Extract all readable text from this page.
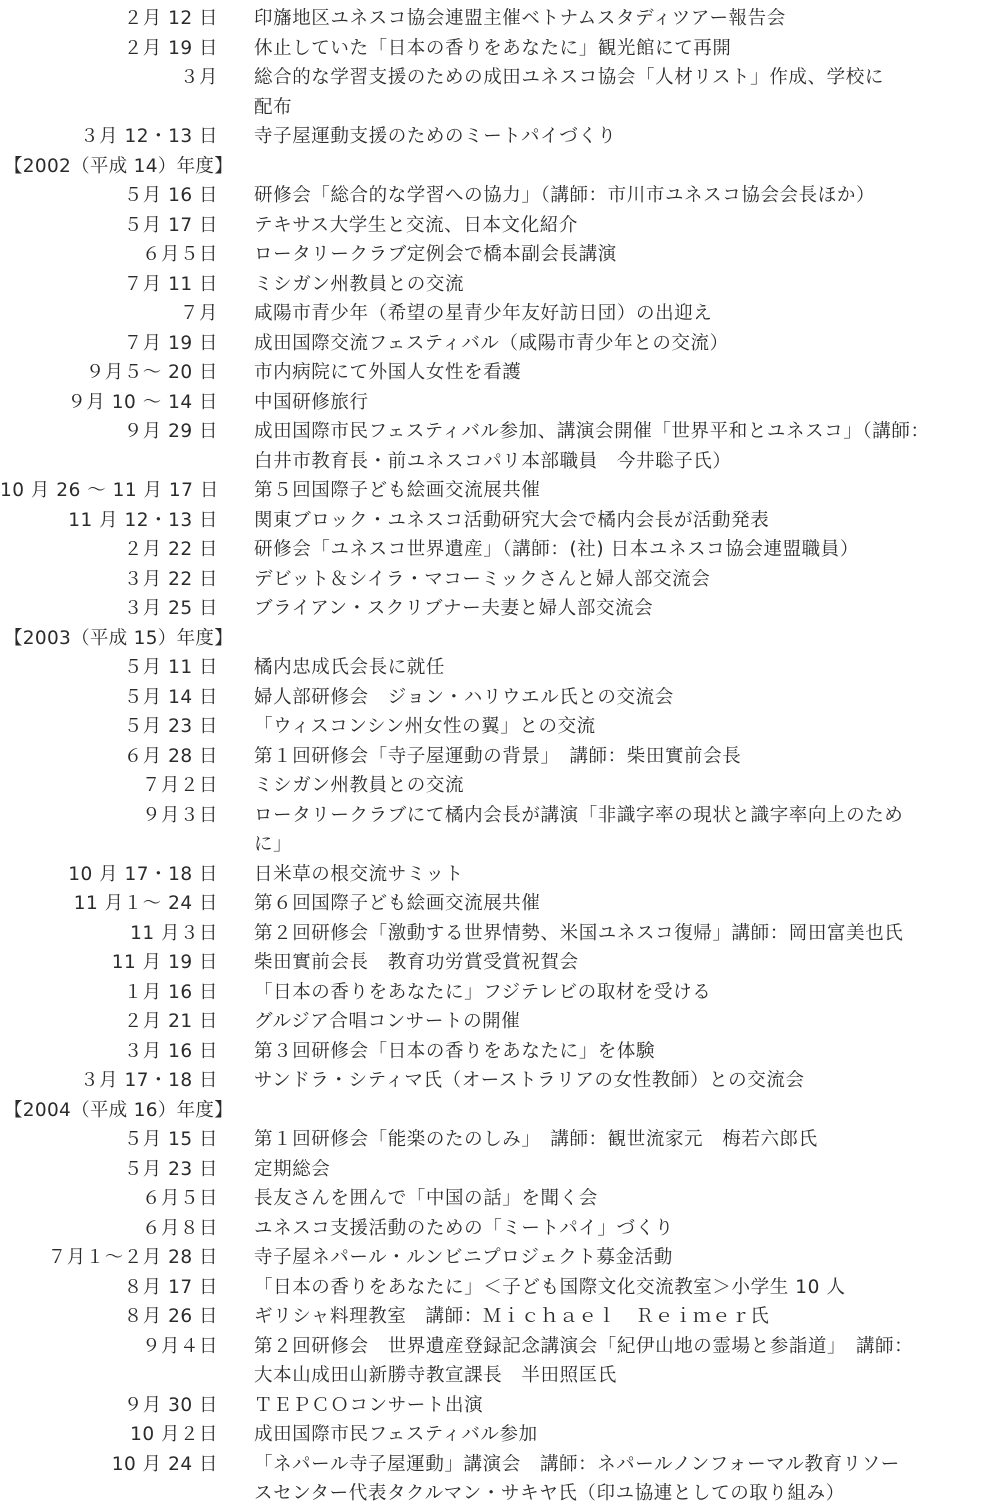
２月 12 日 印旛地区ユネスコ協会連盟主催ベトナムスタディツアー報告会
２月 19 日 休止していた「日本の香りをあなたに」観光館にて再開
３月 総合的な学習支援のための成田ユネスコ協会「人材リスト」作成、学校に
配布
３月 12・13 日 寺子屋運動支援のためのミートパイづくり
【2002（平成 14）年度】
５月 16 日 研修会「総合的な学習への協力」（講師：市川市ユネスコ協会会長ほか）
５月 17 日 テキサス大学生と交流、日本文化紹介
６月５日 ロータリークラブ定例会で橋本副会長講演
７月 11 日 ミシガン州教員との交流
７月 咸陽市青少年（希望の星青少年友好訪日団）の出迎え
７月 19 日 成田国際交流フェスティバル（咸陽市青少年との交流）
９月５～ 20 日 市内病院にて外国人女性を看護
９月 10 ～ 14 日 中国研修旅行
９月 29 日 成田国際市民フェスティバル参加、講演会開催「世界平和とユネスコ」（講師：
白井市教育長・前ユネスコパリ本部職員　今井聡子氏）
10 月 26 ～ 11 月 17 日 第５回国際子ども絵画交流展共催
11 月 12・13 日 関東ブロック・ユネスコ活動研究大会で橘内会長が活動発表
２月 22 日 研修会「ユネスコ世界遺産」（講師：(社) 日本ユネスコ協会連盟職員）
３月 22 日 デビット＆シイラ・マコーミックさんと婦人部交流会
３月 25 日 ブライアン・スクリブナー夫妻と婦人部交流会
【2003（平成 15）年度】
５月 11 日 橘内忠成氏会長に就任
５月 14 日 婦人部研修会　ジョン・ハリウエル氏との交流会
５月 23 日 「ウィスコンシン州女性の翼」との交流
６月 28 日 第１回研修会「寺子屋運動の背景」　講師：柴田實前会長
７月２日 ミシガン州教員との交流
９月３日 ロータリークラブにて橘内会長が講演「非識字率の現状と識字率向上のため
に」
10 月 17・18 日 日米草の根交流サミット
11 月１～ 24 日 第６回国際子ども絵画交流展共催
11 月３日 第２回研修会「激動する世界情勢、米国ユネスコ復帰」講師：岡田富美也氏
11 月 19 日 柴田實前会長　教育功労賞受賞祝賀会
１月 16 日 「日本の香りをあなたに」フジテレビの取材を受ける
２月 21 日 グルジア合唱コンサートの開催
３月 16 日 第３回研修会「日本の香りをあなたに」を体験
３月 17・18 日 サンドラ・シティマ氏（オーストラリアの女性教師）との交流会
【2004（平成 16）年度】
５月 15 日 第１回研修会「能楽のたのしみ」　講師：観世流家元　梅若六郎氏
５月 23 日 定期総会
６月５日 長友さんを囲んで「中国の話」を聞く会
６月８日 ユネスコ支援活動のための「ミートパイ」づくり
７月１～２月 28 日 寺子屋ネパール・ルンビニプロジェクト募金活動
８月 17 日 「日本の香りをあなたに」＜子ども国際文化交流教室＞小学生 10 人
８月 26 日 ギリシャ料理教室　講師：Ｍｉｃｈａｅｌ　Ｒｅｉｍｅｒ氏
９月４日 第２回研修会　世界遺産登録記念講演会「紀伊山地の霊場と参詣道」　講師：
大本山成田山新勝寺教宣課長　半田照匡氏
９月 30 日 ＴＥＰＣＯコンサート出演
10 月２日 成田国際市民フェスティバル参加
10 月 24 日 「ネパール寺子屋運動」講演会　講師：ネパールノンフォーマル教育リソー
スセンター代表タクルマン・サキヤ氏（印ユ協連としての取り組み）
